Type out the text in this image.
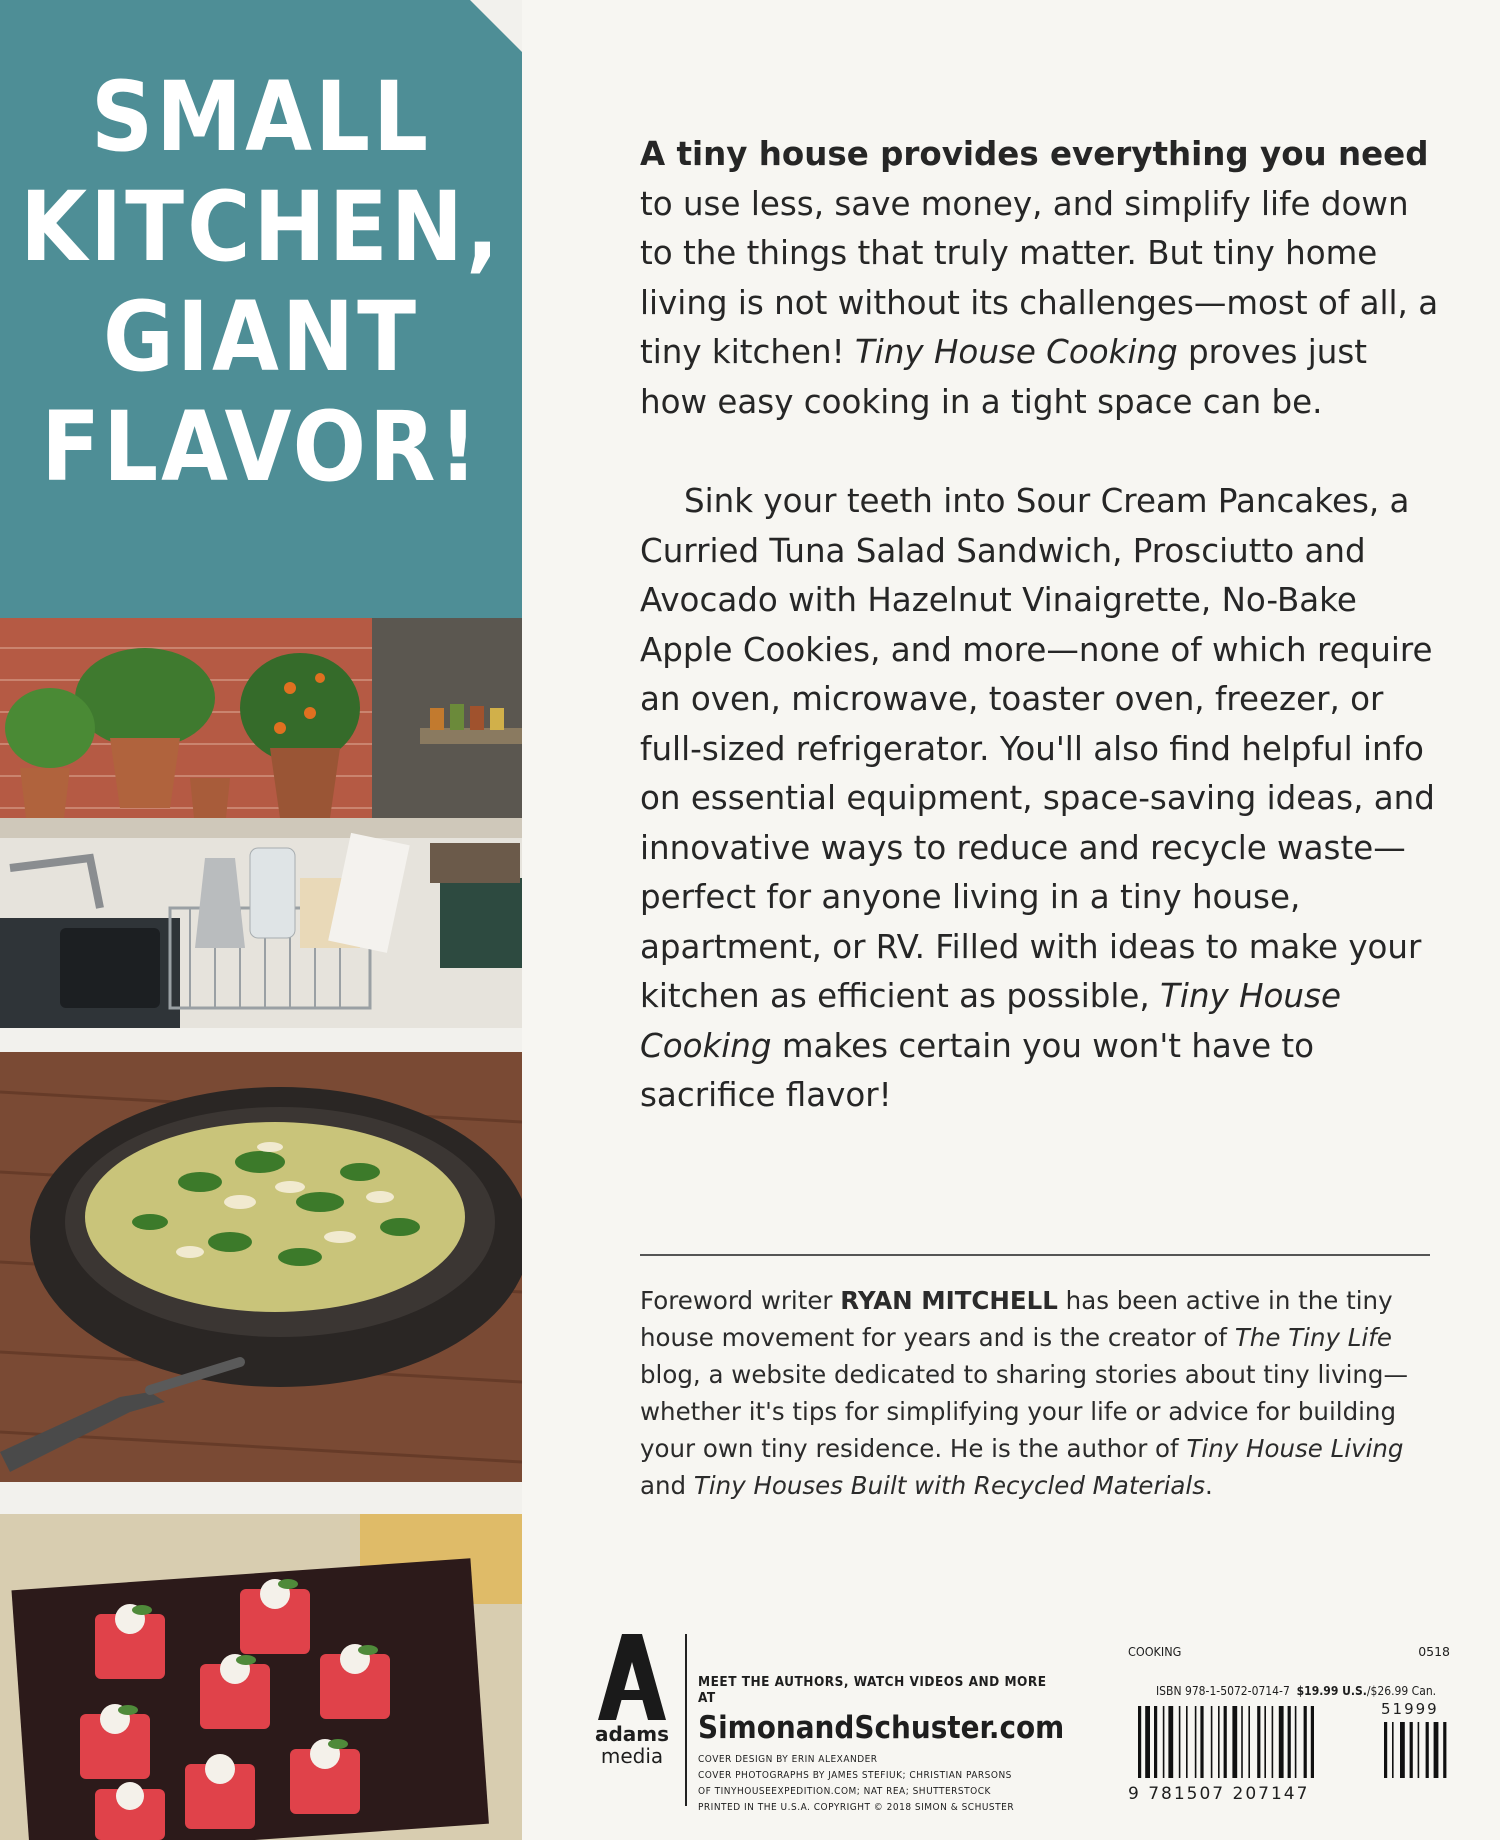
SMALL
KITCHEN,
GIANT
FLAVOR!

A tiny house provides everything you need to use less, save money, and simplify life down to the things that truly matter. But tiny home living is not without its challenges—most of all, a tiny kitchen! Tiny House Cooking proves just how easy cooking in a tight space can be.

Sink your teeth into Sour Cream Pancakes, a Curried Tuna Salad Sandwich, Prosciutto and Avocado with Hazelnut Vinaigrette, No-Bake Apple Cookies, and more—none of which require an oven, microwave, toaster oven, freezer, or full-sized refrigerator. You'll also find helpful info on essential equipment, space-saving ideas, and innovative ways to reduce and recycle waste—perfect for anyone living in a tiny house, apartment, or RV. Filled with ideas to make your kitchen as efficient as possible, Tiny House Cooking makes certain you won't have to sacrifice flavor!

Foreword writer RYAN MITCHELL has been active in the tiny house movement for years and is the creator of The Tiny Life blog, a website dedicated to sharing stories about tiny living—whether it's tips for simplifying your life or advice for building your own tiny residence. He is the author of Tiny House Living and Tiny Houses Built with Recycled Materials.
adams
media
MEET THE AUTHORS, WATCH VIDEOS AND MORE AT
SimonandSchuster.com
COVER DESIGN BY ERIN ALEXANDER
COVER PHOTOGRAPHS BY JAMES STEFIUK; CHRISTIAN PARSONS
OF TINYHOUSEEXPEDITION.COM; NAT REA; SHUTTERSTOCK
PRINTED IN THE U.S.A. COPYRIGHT © 2018 SIMON & SCHUSTER
COOKING	0518
ISBN 978-1-5072-0714-7 $19.99 U.S./$26.99 Can.
51999
9 781507 207147
